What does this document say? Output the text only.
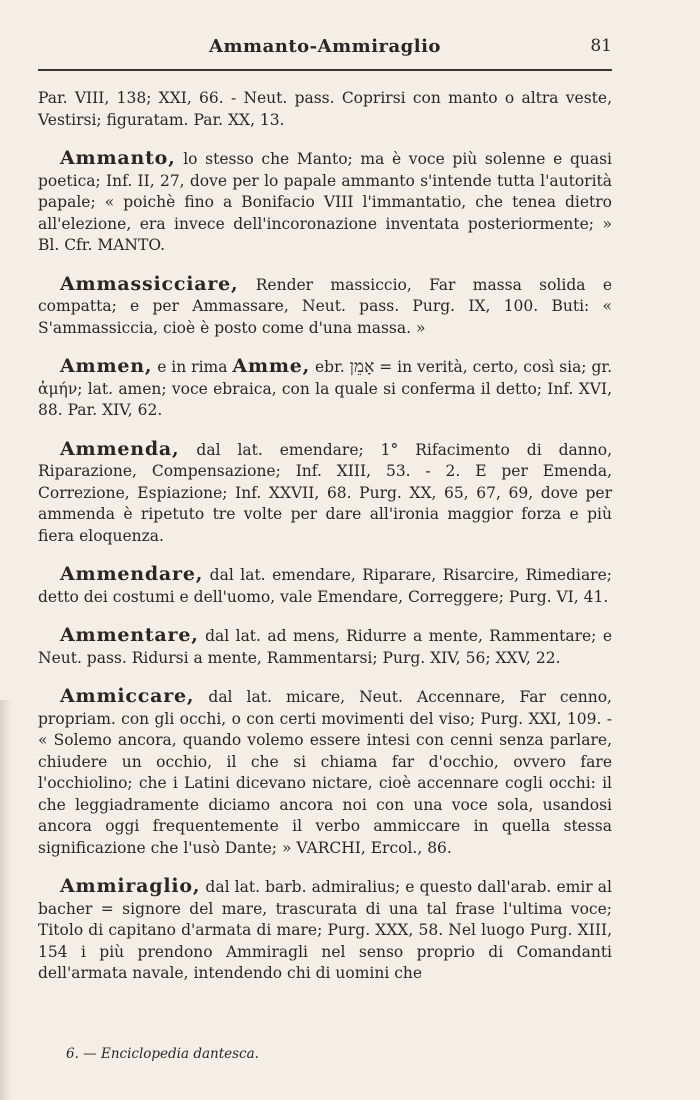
Ammanto-Ammiraglio	81

Par. VIII, 138; XXI, 66. - Neut. pass. Coprirsi con manto o altra veste, Vestirsi; figuratam. Par. XX, 13.

Ammanto, lo stesso che Manto; ma è voce più solenne e quasi poetica; Inf. II, 27, dove per lo papale ammanto s'intende tutta l'autorità papale; « poichè fino a Bonifacio VIII l'immantatio, che tenea dietro all'elezione, era invece dell'incoronazione inventata posteriormente; » Bl. Cfr. MANTO.

Ammassicciare, Render massiccio, Far massa solida e compatta; e per Ammassare, Neut. pass. Purg. IX, 100. Buti: « S'ammassiccia, cioè è posto come d'una massa. »

Ammen, e in rima Amme, ebr. אָמֵן = in verità, certo, così sia; gr. ἀμήν; lat. amen; voce ebraica, con la quale si conferma il detto; Inf. XVI, 88. Par. XIV, 62.

Ammenda, dal lat. emendare; 1° Rifacimento di danno, Riparazione, Compensazione; Inf. XIII, 53. - 2. E per Emenda, Correzione, Espiazione; Inf. XXVII, 68. Purg. XX, 65, 67, 69, dove per ammenda è ripetuto tre volte per dare all'ironia maggior forza e più fiera eloquenza.

Ammendare, dal lat. emendare, Riparare, Risarcire, Rimediare; detto dei costumi e dell'uomo, vale Emendare, Correggere; Purg. VI, 41.

Ammentare, dal lat. ad mens, Ridurre a mente, Rammentare; e Neut. pass. Ridursi a mente, Rammentarsi; Purg. XIV, 56; XXV, 22.

Ammiccare, dal lat. micare, Neut. Accennare, Far cenno, propriam. con gli occhi, o con certi movimenti del viso; Purg. XXI, 109. - « Solemo ancora, quando volemo essere intesi con cenni senza parlare, chiudere un occhio, il che si chiama far d'occhio, ovvero fare l'occhiolino; che i Latini dicevano nictare, cioè accennare cogli occhi: il che leggiadramente diciamo ancora noi con una voce sola, usandosi ancora oggi frequentemente il verbo ammiccare in quella stessa significazione che l'usò Dante; » VARCHI, Ercol., 86.

Ammiraglio, dal lat. barb. admiralius; e questo dall'arab. emir al bacher = signore del mare, trascurata di una tal frase l'ultima voce; Titolo di capitano d'armata di mare; Purg. XXX, 58. Nel luogo Purg. XIII, 154 i più prendono Ammiragli nel senso proprio di Comandanti dell'armata navale, intendendo chi di uomini che

6. — Enciclopedia dantesca.
